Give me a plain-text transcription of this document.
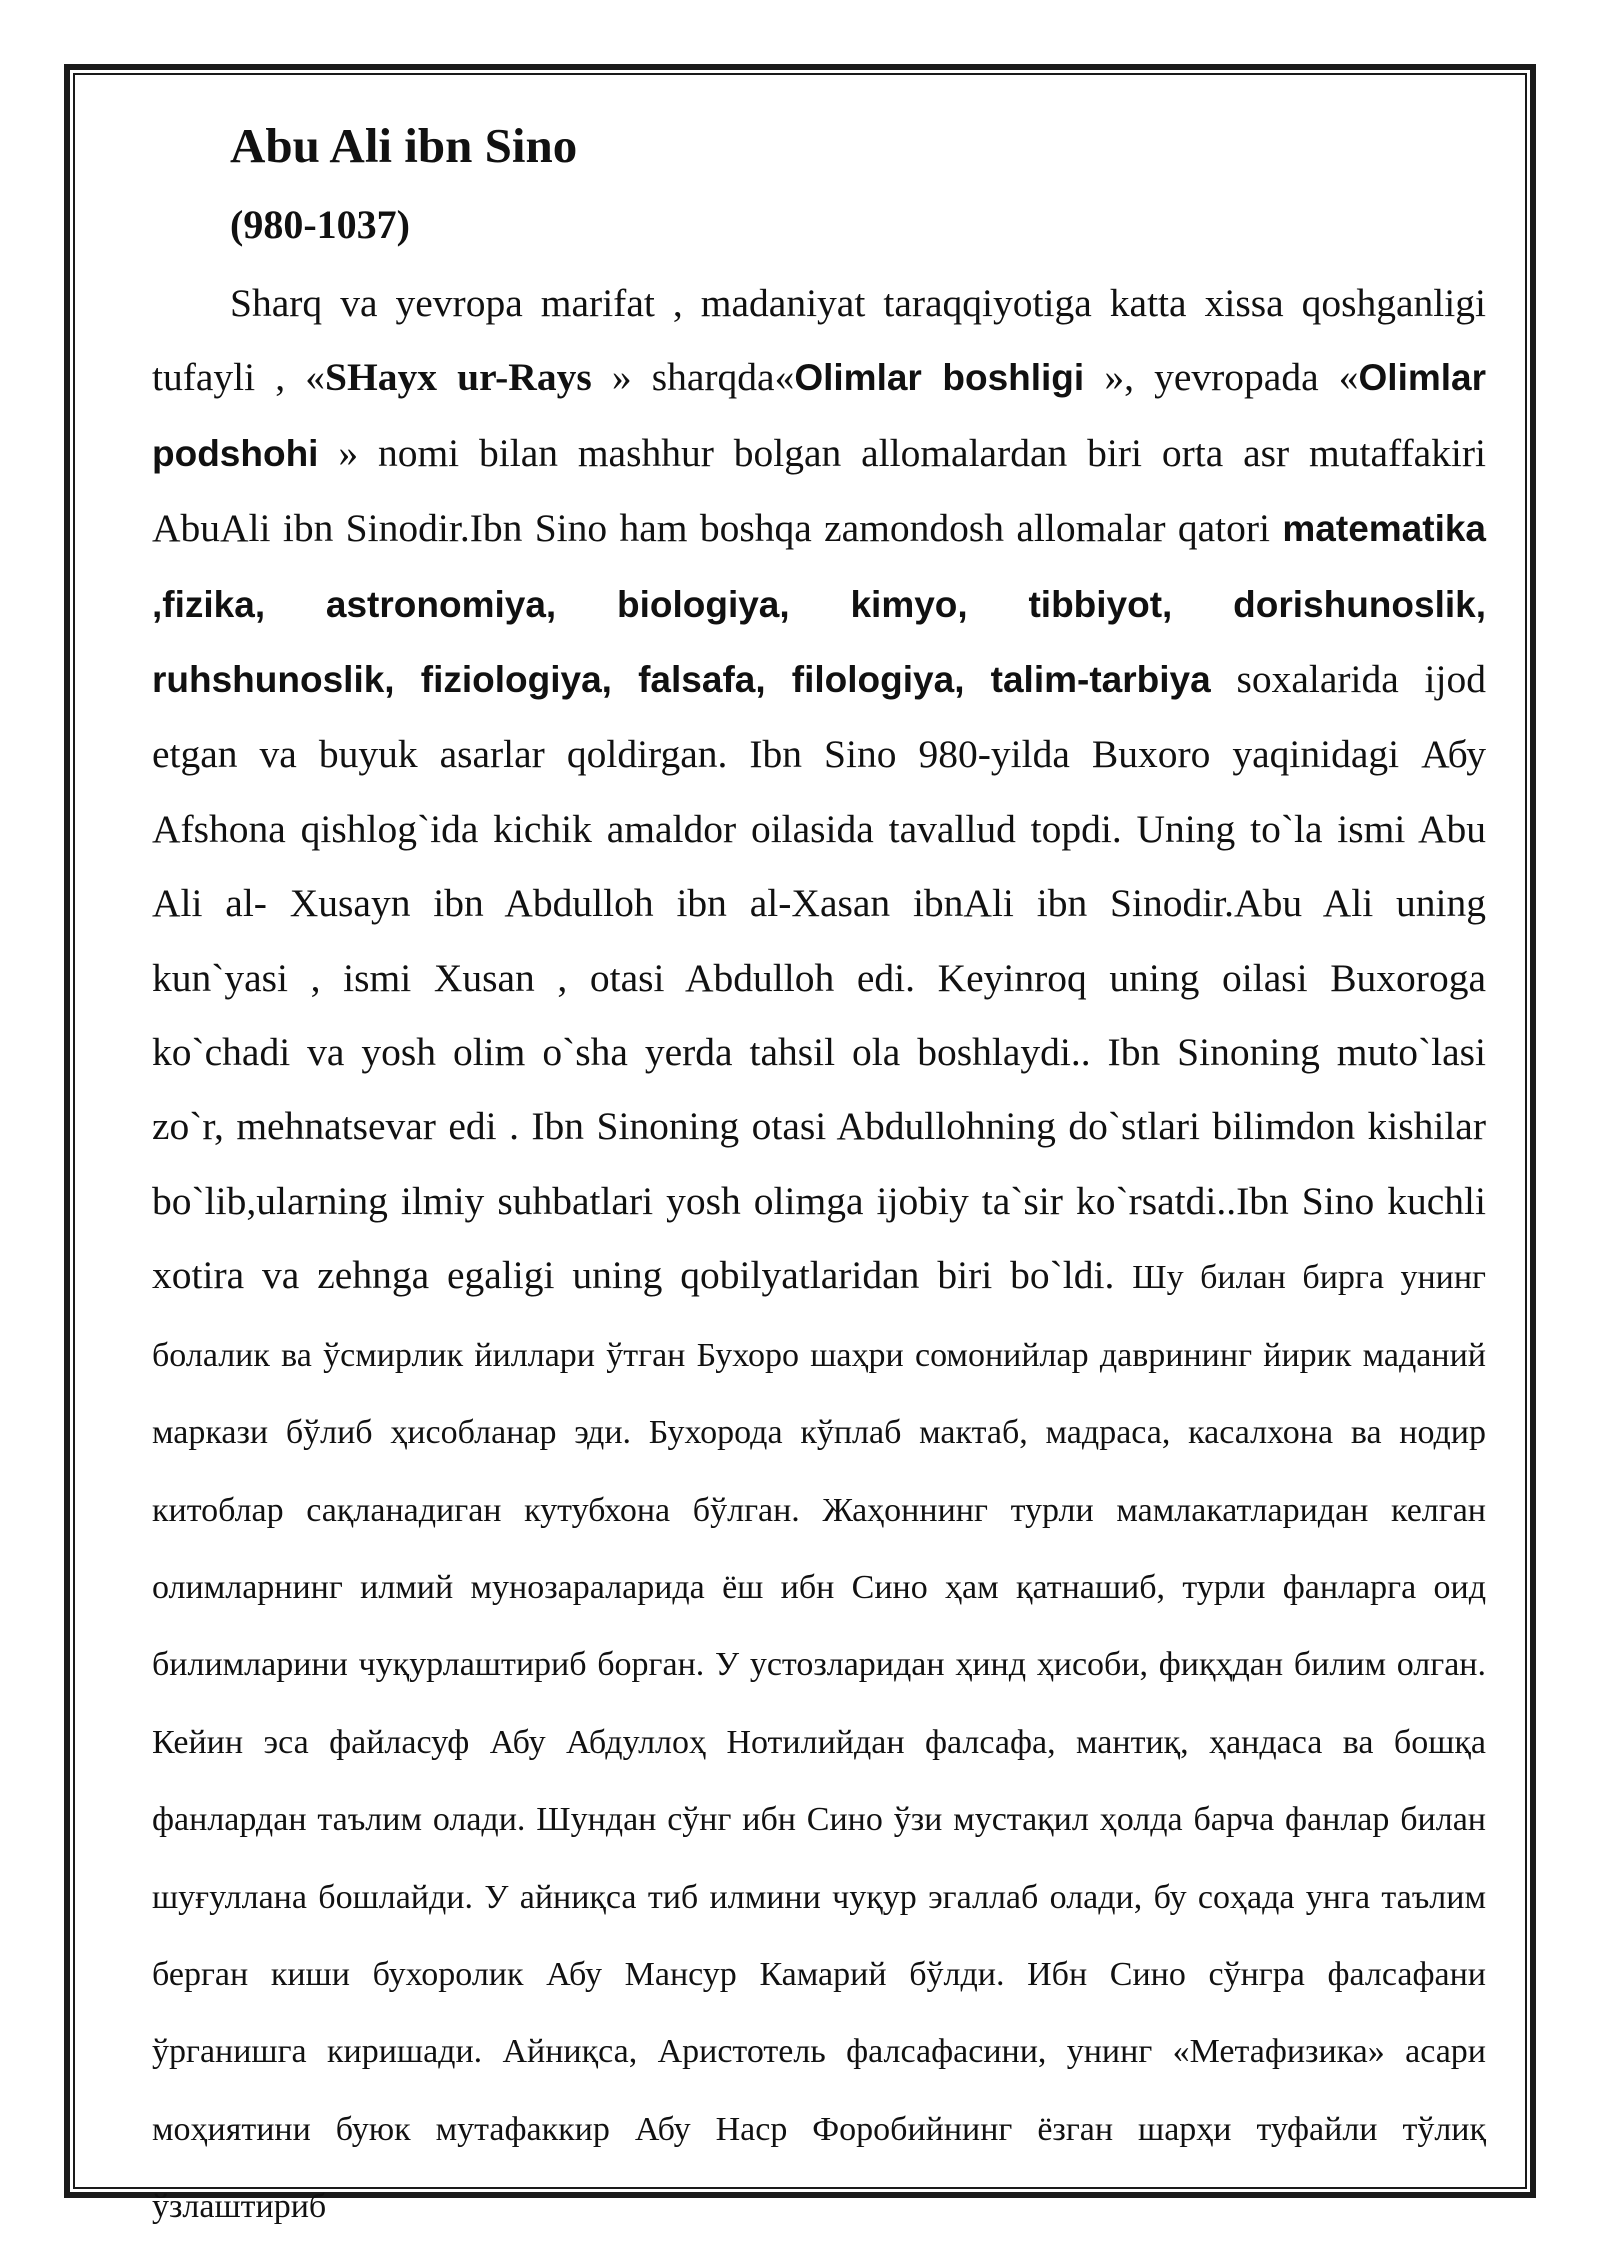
Abu Ali ibn Sino
(980-1037)

Sharq va yevropa marifat , madaniyat taraqqiyotiga katta xissa qoshganligi tufayli , «SHayx ur-Rays » sharqda«Olimlar boshligi », yevropada «Olimlar podshohi » nomi bilan mashhur bolgan allomalardan biri orta asr mutaffakiri AbuAli ibn Sinodir.Ibn Sino ham boshqa zamondosh allomalar qatori matematika ,fizika, astronomiya, biologiya, kimyo, tibbiyot, dorishunoslik, ruhshunoslik, fiziologiya, falsafa, filologiya, talim-tarbiya soxalarida ijod etgan va buyuk asarlar qoldirgan. Ibn Sino 980-yilda Buxoro yaqinidagi Абу Afshona qishlog`ida kichik amaldor oilasida tavallud topdi. Uning to`la ismi Abu Ali al- Xusayn ibn Abdulloh ibn al-Xasan ibnAli ibn Sinodir.Abu Ali uning kun`yasi , ismi Xusan , otasi Abdulloh edi. Keyinroq uning oilasi Buxoroga ko`chadi va yosh olim o`sha yerda tahsil ola boshlaydi.. Ibn Sinoning muto`lasi zo`r, mehnatsevar edi . Ibn Sinoning otasi Abdullohning do`stlari bilimdon kishilar bo`lib,ularning ilmiy suhbatlari yosh olimga ijobiy ta`sir ko`rsatdi..Ibn Sino kuchli xotira va zehnga egaligi uning qobilyatlaridan biri bo`ldi. Шу билан бирга унинг болалик ва ўсмирлик йиллари ўтган Бухоро шаҳри сомонийлар даврининг йирик маданий маркази бўлиб ҳисобланар эди. Бухорода кўплаб мактаб, мадраса, касалхона ва нодир китоблар сақланадиган кутубхона бўлган. Жаҳоннинг турли мамлакатларидан келган олимларнинг илмий мунозараларида ёш ибн Сино ҳам қатнашиб, турли фанларга оид билимларини чуқурлаштириб борган. У устозларидан ҳинд ҳисоби, фиқҳдан билим олган. Кейин эса файласуф Абу Абдуллоҳ Нотилийдан фалсафа, мантиқ, ҳандаса ва бошқа фанлардан таълим олади. Шундан сўнг ибн Сино ўзи мустақил ҳолда барча фанлар билан шуғуллана бошлайди. У айниқса тиб илмини чуқур эгаллаб олади, бу соҳада унга таълим берган киши бухоролик Абу Мансур Камарий бўлди. Ибн Сино сўнгра фалсафани ўрганишга киришади. Айниқса, Аристотель фалсафасини, унинг «Метафизика» асари моҳиятини буюк мутафаккир Абу Наср Форобийнинг ёзган шарҳи туфайли тўлиқ ўзлаштириб
